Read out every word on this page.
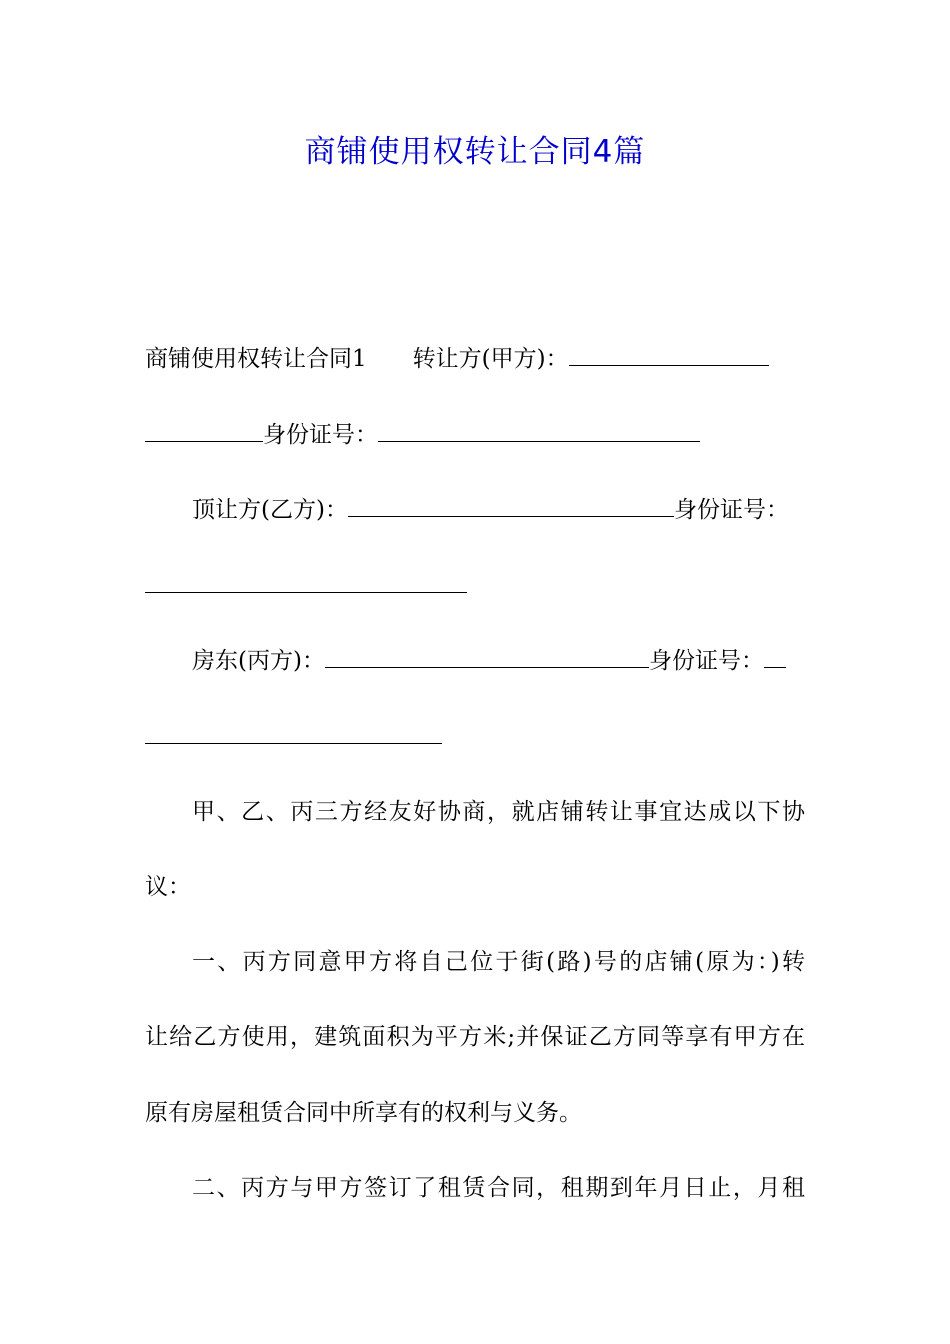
商铺使用权转让合同4篇
商铺使用权转让合同1 转让方(甲方)：
身份证号：
顶让方(乙方)：	身份证号：
房东(丙方)：	身份证号：
甲、乙、丙三方经友好协商，就店铺转让事宜达成以下协
议：
一、丙方同意甲方将自己位于街(路)号的店铺(原为：)转
让给乙方使用，建筑面积为平方米;并保证乙方同等享有甲方在
原有房屋租赁合同中所享有的权利与义务。
二、丙方与甲方签订了租赁合同，租期到年月日止，月租
